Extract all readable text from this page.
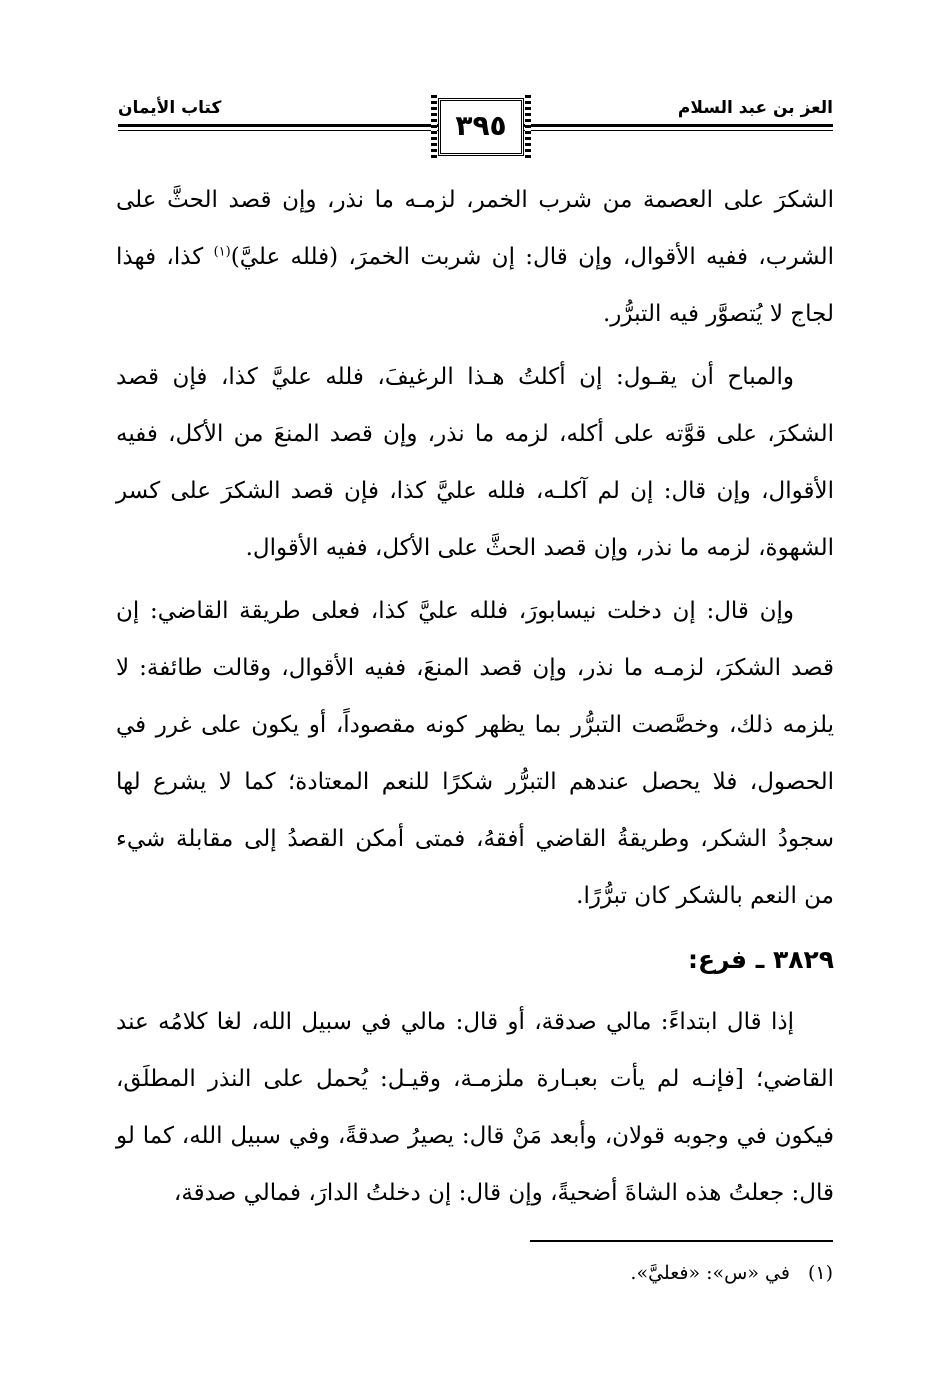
العز بن عبد السلام
٣٩٥
كتاب الأيمان

الشكرَ على العصمة من شرب الخمر، لزمـه ما نذر، وإن قصد الحثَّ على الشرب، ففيه الأقوال، وإن قال: إن شربت الخمرَ، (فلله عليَّ)$^{(١)}$ كذا، فهذا لجاج لا يُتصوَّر فيه التبرُّر.

والمباح أن يقـول: إن أكلتُ هـذا الرغيفَ، فلله عليَّ كذا، فإن قصد الشكرَ، على قوَّته على أكله، لزمه ما نذر، وإن قصد المنعَ من الأكل، ففيه الأقوال، وإن قال: إن لم آكلـه، فلله عليَّ كذا، فإن قصد الشكرَ على كسر الشهوة، لزمه ما نذر، وإن قصد الحثَّ على الأكل، ففيه الأقوال.

وإن قال: إن دخلت نيسابورَ، فلله عليَّ كذا، فعلى طريقة القاضي: إن قصد الشكرَ، لزمـه ما نذر، وإن قصد المنعَ، ففيه الأقوال، وقالت طائفة: لا يلزمه ذلك، وخصَّصت التبرُّر بما يظهر كونه مقصوداً، أو يكون على غرر في الحصول، فلا يحصل عندهم التبرُّر شكرًا للنعم المعتادة؛ كما لا يشرع لها سجودُ الشكر، وطريقةُ القاضي أفقهُ، فمتى أمكن القصدُ إلى مقابلة شيء من النعم بالشكر كان تبرُّرًا.

٣٨٢٩ ـ فرع:

إذا قال ابتداءً: مالي صدقة، أو قال: مالي في سبيل الله، لغا كلامُه عند القاضي؛ [فإنـه لم يأت بعبـارة ملزمـة، وقيـل: يُحمل على النذر المطلَق، فيكون في وجوبه قولان، وأبعد مَنْ قال: يصيرُ صدقةً، وفي سبيل الله، كما لو قال: جعلتُ هذه الشاةَ أضحيةً، وإن قال: إن دخلتُ الدارَ، فمالي صدقة،

(١)في «س»: «فعليَّ».
